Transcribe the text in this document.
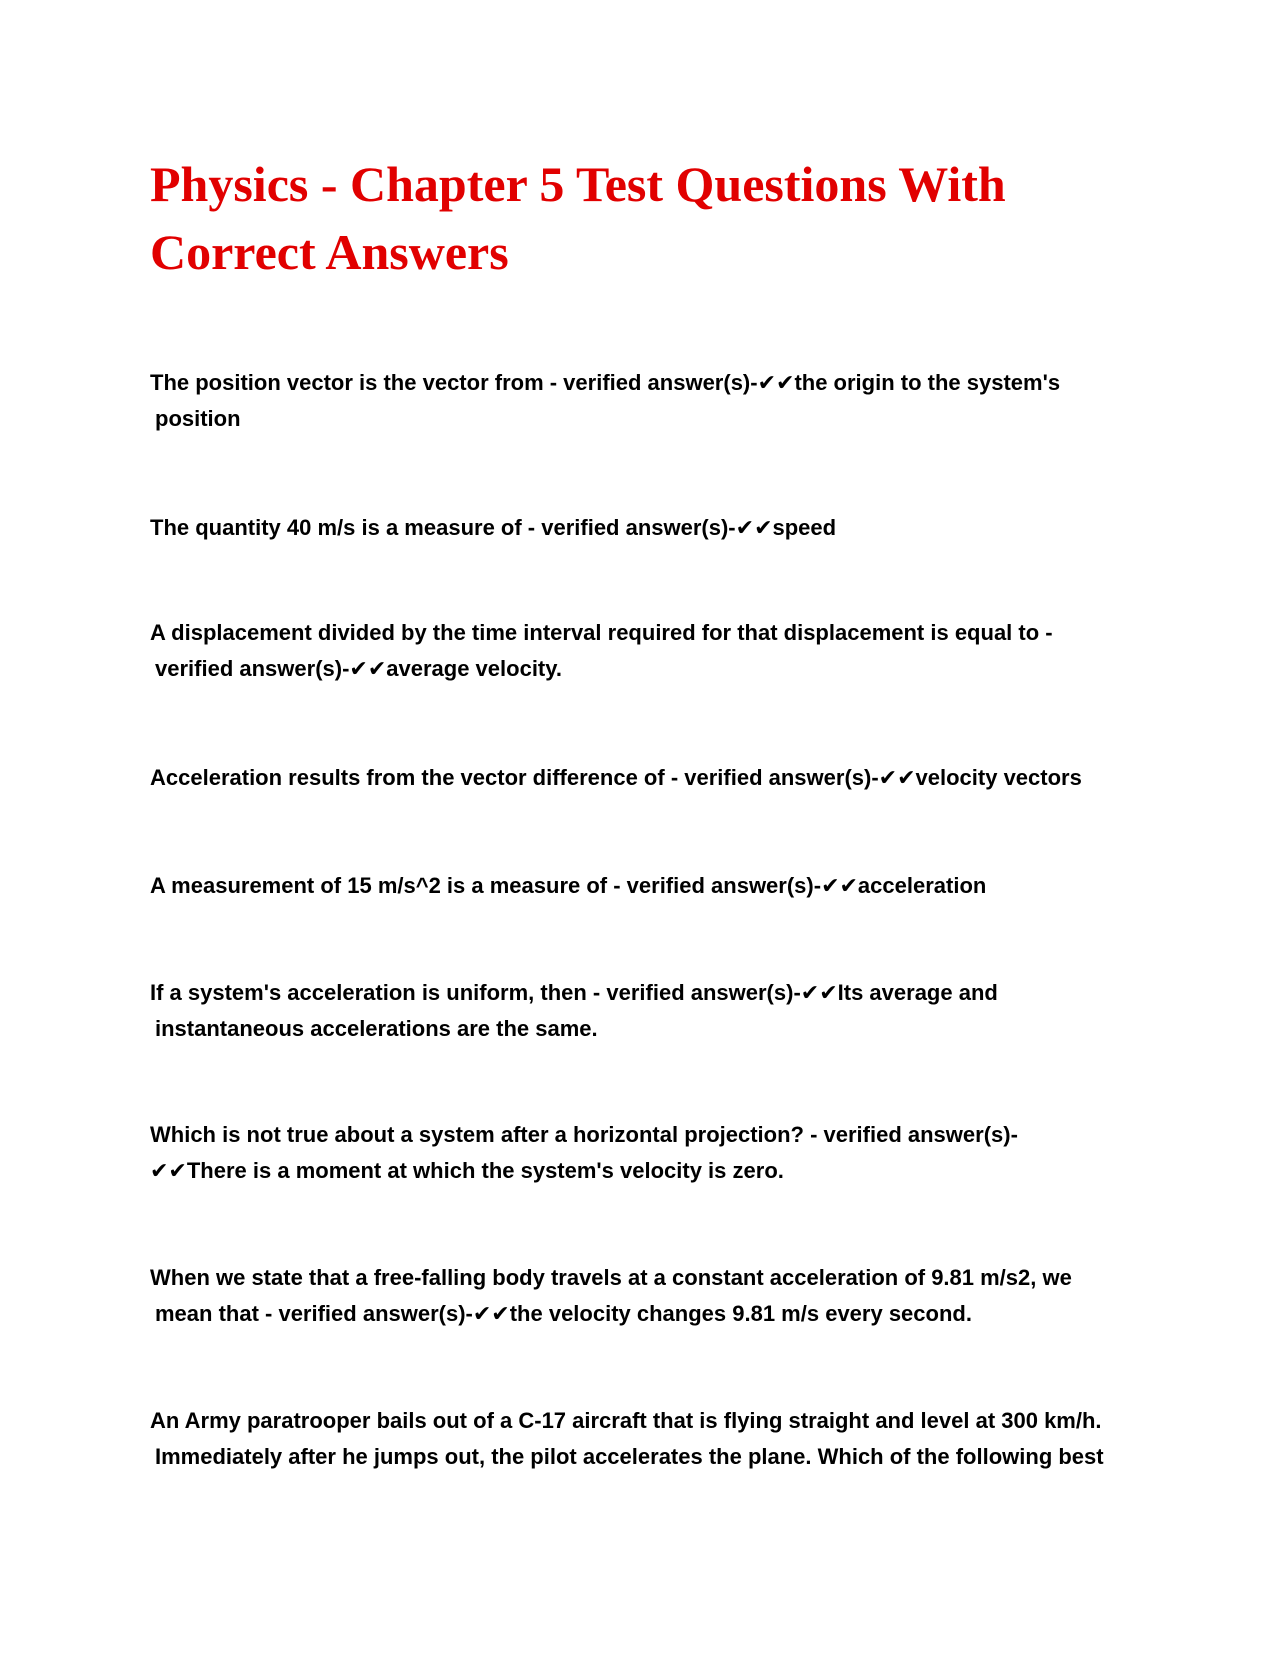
Physics - Chapter 5 Test Questions With
Correct Answers

The position vector is the vector from - verified answer(s)-✔✔the origin to the system's
position

The quantity 40 m/s is a measure of - verified answer(s)-✔✔speed

A displacement divided by the time interval required for that displacement is equal to -
verified answer(s)-✔✔average velocity.

Acceleration results from the vector difference of - verified answer(s)-✔✔velocity vectors

A measurement of 15 m/s^2 is a measure of - verified answer(s)-✔✔acceleration

If a system's acceleration is uniform, then - verified answer(s)-✔✔Its average and
instantaneous accelerations are the same.

Which is not true about a system after a horizontal projection? - verified answer(s)-
✔✔There is a moment at which the system's velocity is zero.

When we state that a free-falling body travels at a constant acceleration of 9.81 m/s2, we
mean that - verified answer(s)-✔✔the velocity changes 9.81 m/s every second.

An Army paratrooper bails out of a C-17 aircraft that is flying straight and level at 300 km/h.
Immediately after he jumps out, the pilot accelerates the plane. Which of the following best
